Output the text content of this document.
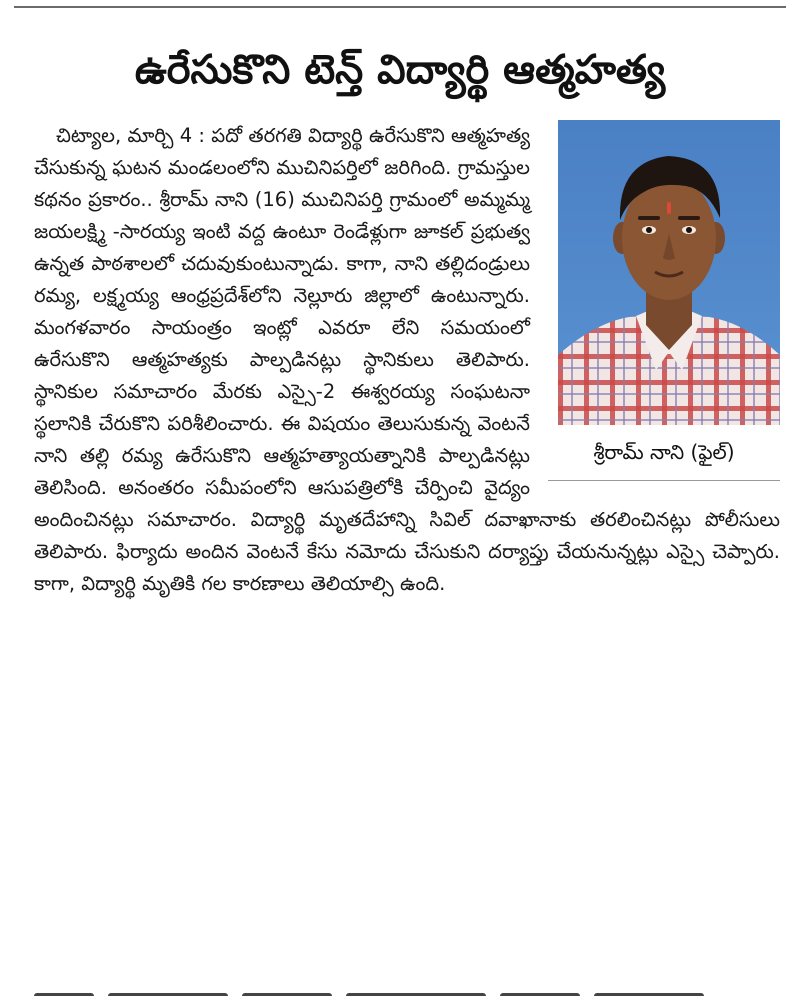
ఉరేసుకొని టెన్త్ విద్యార్థి ఆత్మహత్య
శ్రీరామ్ నాని (ఫైల్)

చిట్యాల, మార్చి 4 : పదో తరగతి విద్యార్థి ఉరేసుకొని ఆత్మహత్య చేసుకున్న ఘటన మండలంలోని ముచినిపర్తిలో జరిగింది. గ్రామస్తుల కథనం ప్రకారం.. శ్రీరామ్ నాని (16) ముచినిపర్తి గ్రామంలో అమ్మమ్మ జయలక్ష్మి -సారయ్య ఇంటి వద్ద ఉంటూ రెండేళ్లుగా జూకల్ ప్రభుత్వ ఉన్నత పాఠశాలలో చదువుకుంటున్నాడు. కాగా, నాని తల్లిదండ్రులు రమ్య, లక్ష్మయ్య ఆంధ్రప్రదేశ్‌లోని నెల్లూరు జిల్లాలో ఉంటున్నారు. మంగళవారం సాయంత్రం ఇంట్లో ఎవరూ లేని సమయంలో ఉరేసుకొని ఆత్మహత్యకు పాల్పడినట్లు స్థానికులు తెలిపారు. స్థానికుల సమాచారం మేరకు ఎస్సై-2 ఈశ్వరయ్య సంఘటనా స్థలానికి చేరుకొని పరిశీలించారు. ఈ విషయం తెలుసుకున్న వెంటనే నాని తల్లి రమ్య ఉరేసుకొని ఆత్మహత్యాయత్నానికి పాల్పడినట్లు తెలిసింది. అనంతరం సమీపంలోని ఆసుపత్రిలోకి చేర్పించి వైద్యం అందించినట్లు సమాచారం. విద్యార్థి మృతదేహాన్ని సివిల్ దవాఖానాకు తరలించినట్లు పోలీసులు తెలిపారు. ఫిర్యాదు అందిన వెంటనే కేసు నమోదు చేసుకుని దర్యాప్తు చేయనున్నట్లు ఎస్సై చెప్పారు. కాగా, విద్యార్థి మృతికి గల కారణాలు తెలియాల్సి ఉంది.
